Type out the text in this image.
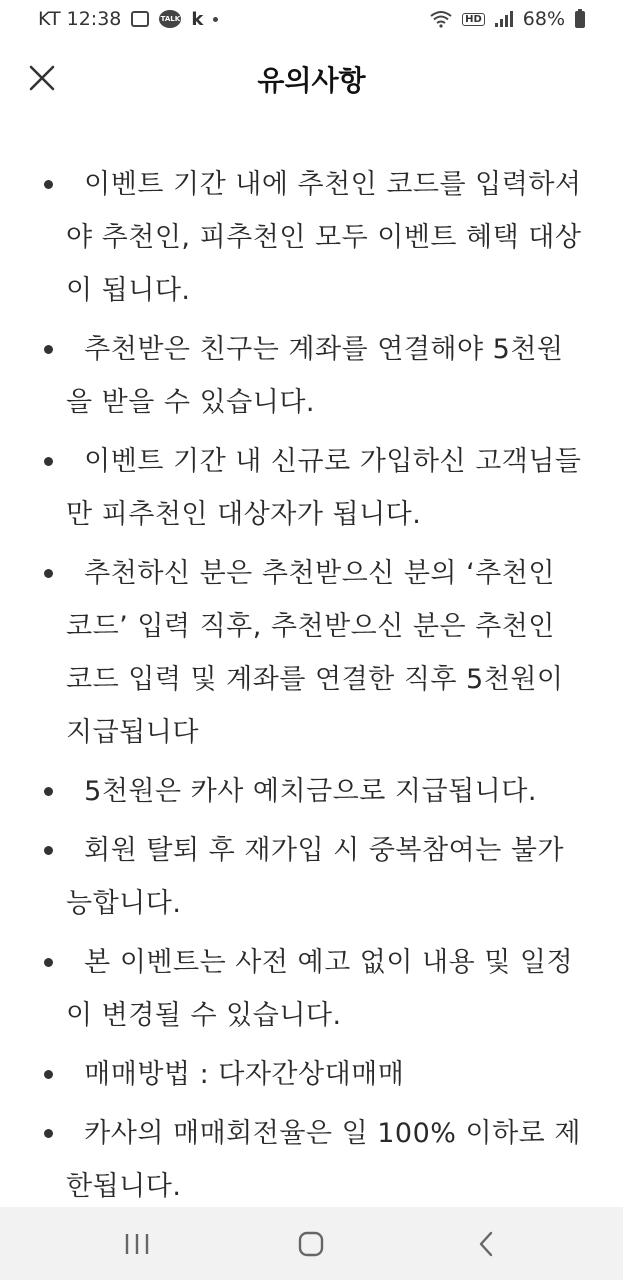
KT 12:38	TALK k	HD 68%
유의사항
이벤트 기간 내에 추천인 코드를 입력하셔야 추천인, 피추천인 모두 이벤트 혜택 대상이 됩니다.
추천받은 친구는 계좌를 연결해야 5천원을 받을 수 있습니다.
이벤트 기간 내 신규로 가입하신 고객님들만 피추천인 대상자가 됩니다.
추천하신 분은 추천받으신 분의 ‘추천인 코드’ 입력 직후, 추천받으신 분은 추천인 코드 입력 및 계좌를 연결한 직후 5천원이 지급됩니다
5천원은 카사 예치금으로 지급됩니다.
회원 탈퇴 후 재가입 시 중복참여는 불가능합니다.
본 이벤트는 사전 예고 없이 내용 및 일정이 변경될 수 있습니다.
매매방법 : 다자간상대매매
카사의 매매회전율은 일 100% 이하로 제한됩니다.
